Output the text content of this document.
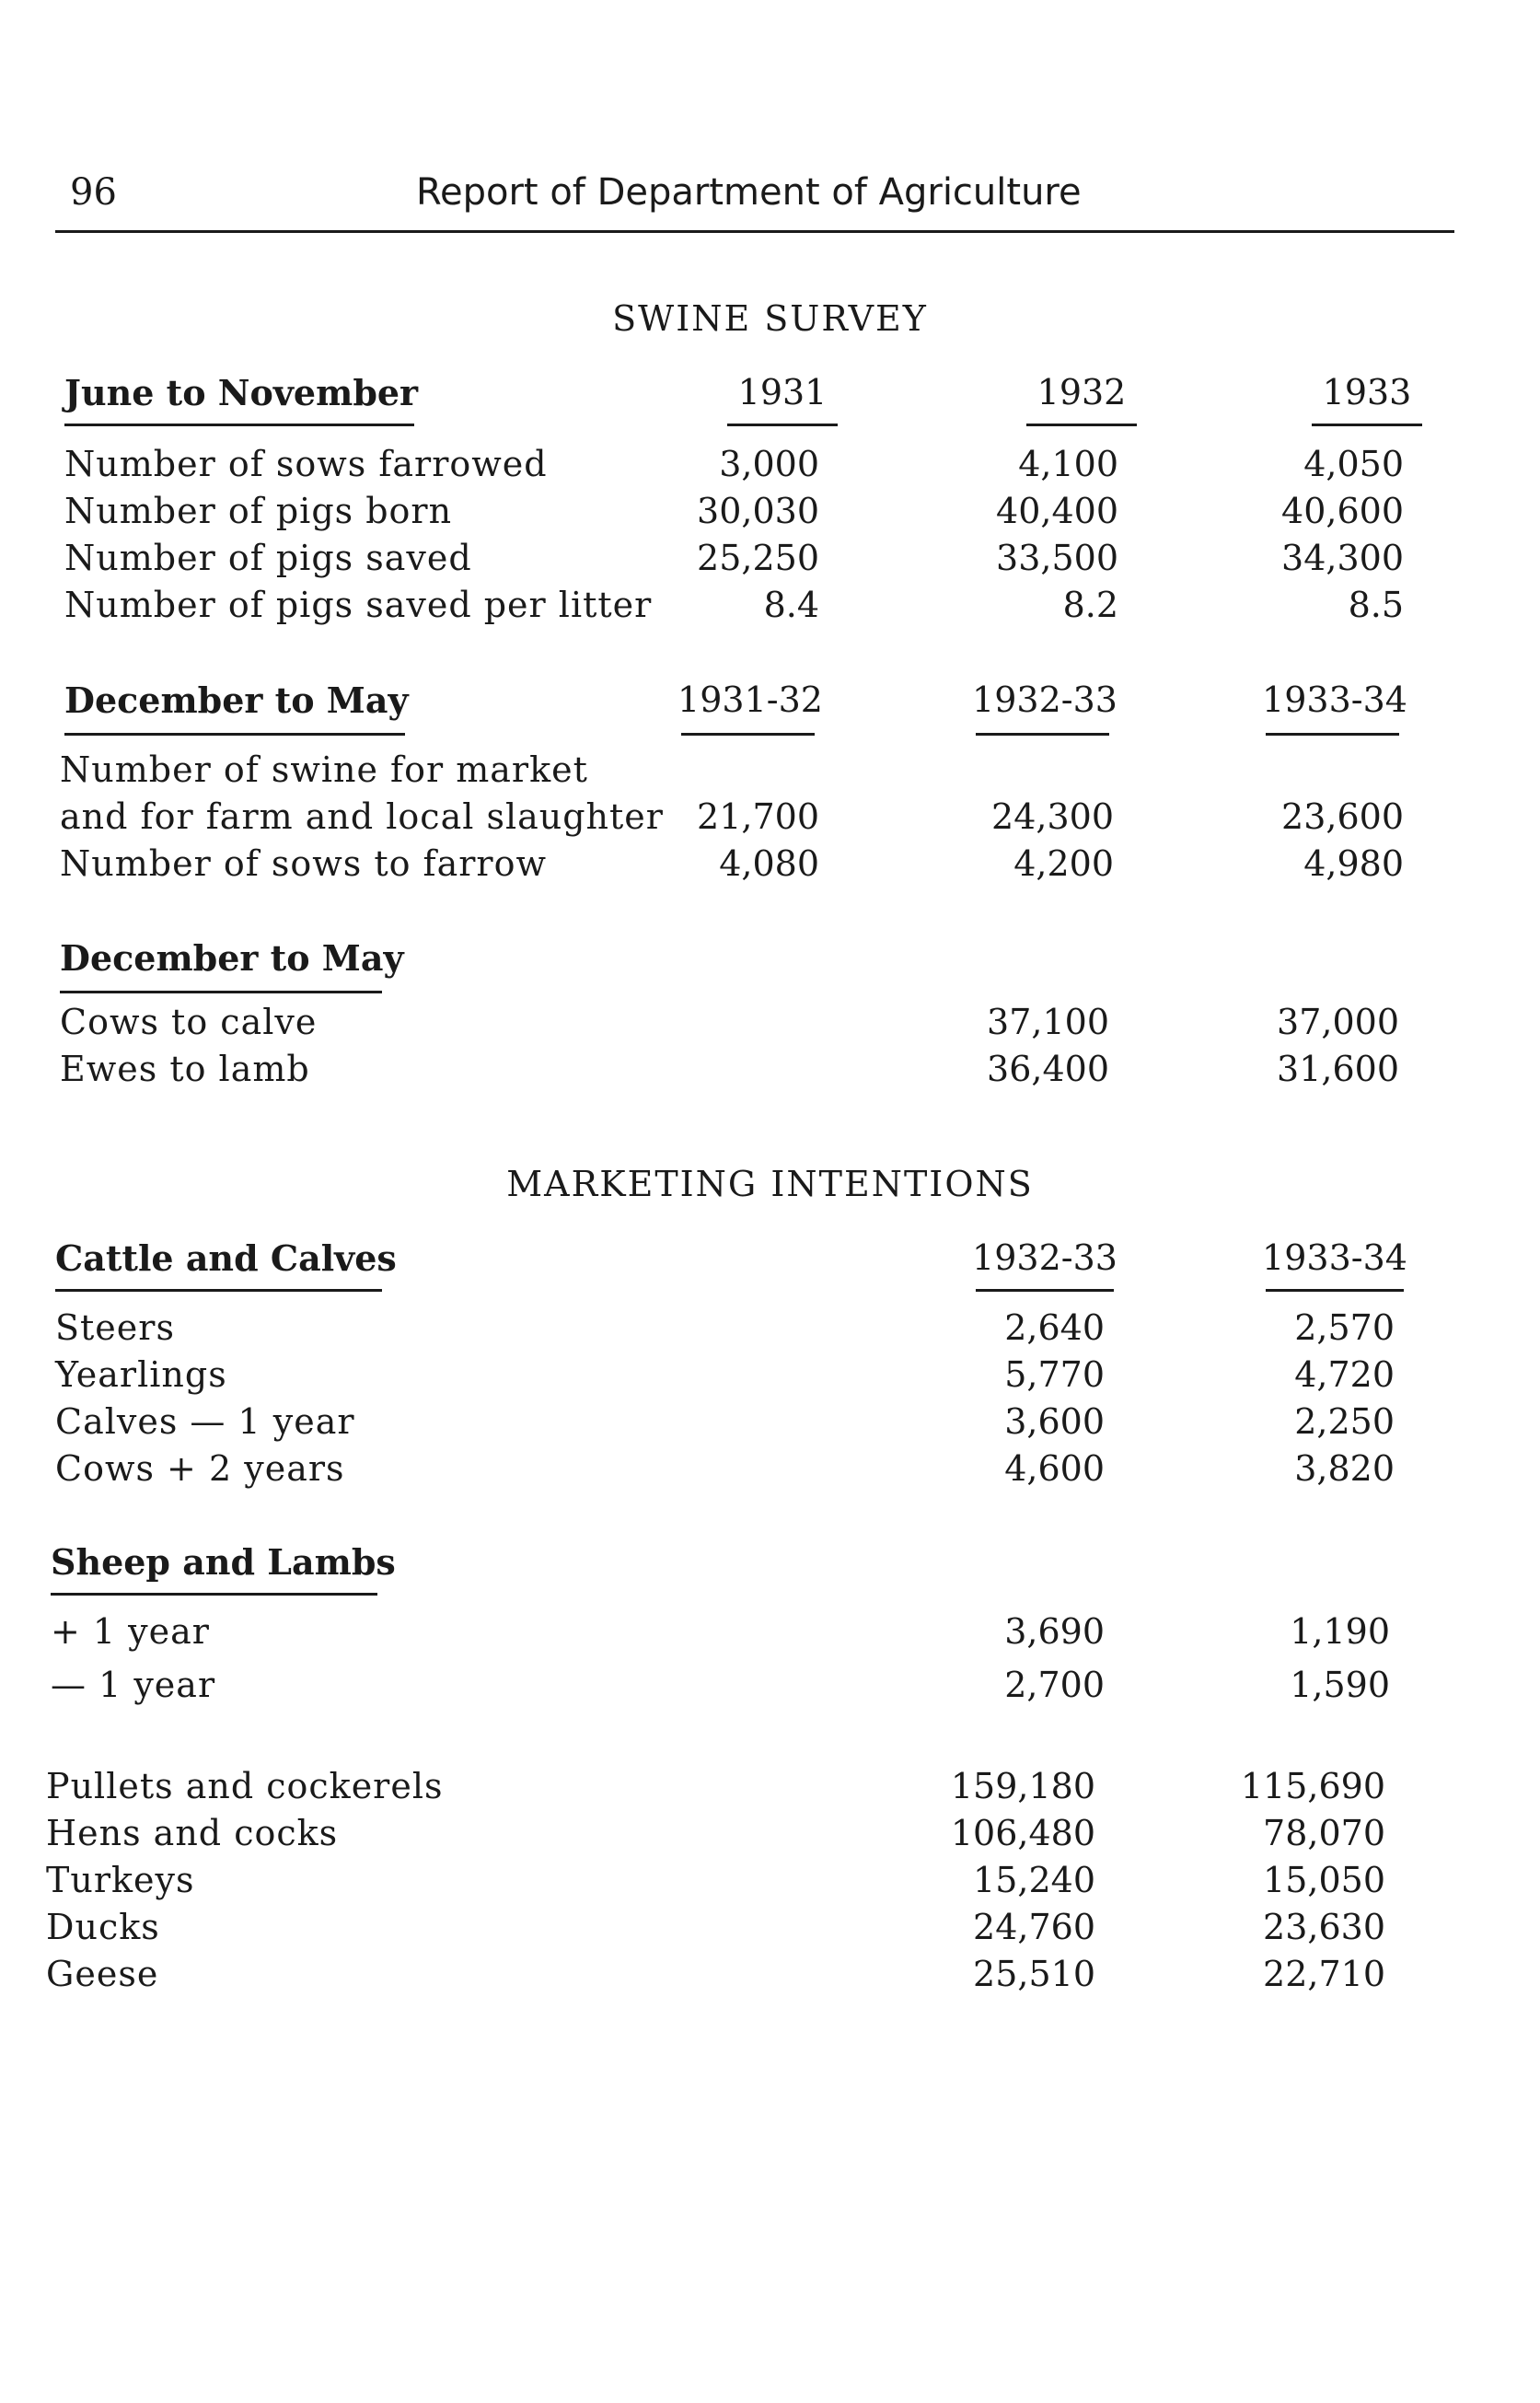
96	Report of Department of Agriculture
SWINE SURVEY
June to November	1931	1932	1933
Number of sows farrowed	3,000	4,100	4,050
Number of pigs born	30,030	40,400	40,600
Number of pigs saved	25,250	33,500	34,300
Number of pigs saved per litter	8.4	8.2	8.5
December to May	1931-32	1932-33	1933-34
Number of swine for market
and for farm and local slaughter 21,700	24,300	23,600
Number of sows to farrow	4,080	4,200	4,980
December to May
Cows to calve	37,100	37,000
Ewes to lamb	36,400	31,600
MARKETING INTENTIONS
Cattle and Calves	1932-33	1933-34
Steers	2,640	2,570
Yearlings	5,770	4,720
Calves — 1 year	3,600	2,250
Cows + 2 years	4,600	3,820
Sheep and Lambs
+ 1 year	3,690	1,190
— 1 year	2,700	1,590
Pullets and cockerels	159,180	115,690
Hens and cocks	106,480	78,070
Turkeys	15,240	15,050
Ducks	24,760	23,630
Geese	25,510	22,710
